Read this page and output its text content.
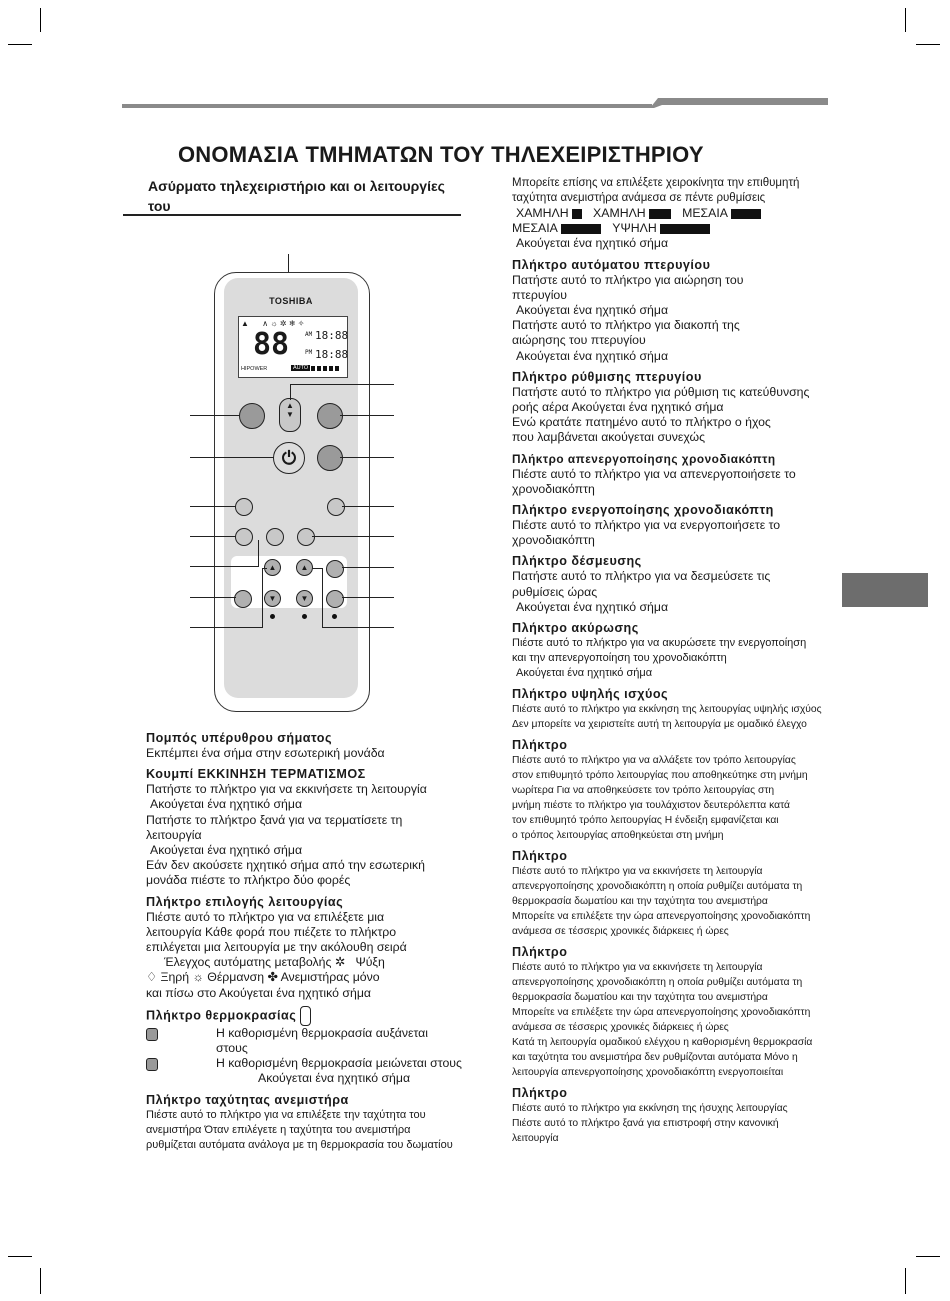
ΟΝΟΜΑΣΙΑ ΤΜΗΜΑΤΩΝ ΤΟΥ ΤΗΛΕΧΕΙΡΙΣΤΗΡΙΟΥ
Ασύρματο τηλεχειριστήριο και οι λειτουργίες του
TOSHIBA
▲      ∧ ☼ ✲ ❄ ✧
88	AM 18:88
PM 18:88
HIPOWER	AUTO
▲
▼
⏻
▲	▲
▼	▼
Πομπός υπέρυθρου σήματος

Εκπέμπει ένα σήμα στην εσωτερική μονάδα

Κουμπί ΕΚΚΙΝΗΣΗ ΤΕΡΜΑΤΙΣΜΟΣ

Πατήστε το πλήκτρο για να εκκινήσετε τη λειτουργία

Ακούγεται ένα ηχητικό σήμα

Πατήστε το πλήκτρο ξανά για να τερματίσετε τη

λειτουργία

Ακούγεται ένα ηχητικό σήμα

Εάν δεν ακούσετε ηχητικό σήμα από την εσωτερική

μονάδα πιέστε το πλήκτρο δύο φορές

Πλήκτρο επιλογής λειτουργίας

Πιέστε αυτό το πλήκτρο για να επιλέξετε μια

λειτουργία Κάθε φορά που πιέζετε το πλήκτρο

επιλέγεται μια λειτουργία με την ακόλουθη σειρά

Έλεγχος αυτόματης μεταβολής ✲ Ψύξη

♢ Ξηρή ☼ Θέρμανση ✤ Ανεμιστήρας μόνο

και πίσω στο Ακούγεται ένα ηχητικό σήμα

Πλήκτρο θερμοκρασίας

Η καθορισμένη θερμοκρασία αυξάνεται

στους

Η καθορισμένη θερμοκρασία μειώνεται στους

Ακούγεται ένα ηχητικό σήμα

Πλήκτρο ταχύτητας ανεμιστήρα

Πιέστε αυτό το πλήκτρο για να επιλέξετε την ταχύτητα του

ανεμιστήρα Όταν επιλέγετε η ταχύτητα του ανεμιστήρα

ρυθμίζεται αυτόματα ανάλογα με τη θερμοκρασία του δωματίου

Μπορείτε επίσης να επιλέξετε χειροκίνητα την επιθυμητή

ταχύτητα ανεμιστήρα ανάμεσα σε πέντε ρυθμίσεις

ΧΑΜΗΛΗ
ΧΑΜΗΛΗ
	ΜΕΣΑΙΑ

ΜΕΣΑΙΑ
	ΥΨΗΛΗ

Ακούγεται ένα ηχητικό σήμα

Πλήκτρο αυτόματου πτερυγίου

Πατήστε αυτό το πλήκτρο για αιώρηση του

πτερυγίου

Ακούγεται ένα ηχητικό σήμα

Πατήστε αυτό το πλήκτρο για διακοπή της

αιώρησης του πτερυγίου

Ακούγεται ένα ηχητικό σήμα

Πλήκτρο ρύθμισης πτερυγίου

Πατήστε αυτό το πλήκτρο για ρύθμιση τις κατεύθυνσης

ροής αέρα Ακούγεται ένα ηχητικό σήμα

Ενώ κρατάτε πατημένο αυτό το πλήκτρο ο ήχος

που λαμβάνεται ακούγεται συνεχώς

Πλήκτρο απενεργοποίησης χρονοδιακόπτη

Πιέστε αυτό το πλήκτρο για να απενεργοποιήσετε το

χρονοδιακόπτη

Πλήκτρο ενεργοποίησης χρονοδιακόπτη

Πιέστε αυτό το πλήκτρο για να ενεργοποιήσετε το

χρονοδιακόπτη

Πλήκτρο δέσμευσης

Πατήστε αυτό το πλήκτρο για να δεσμεύσετε τις

ρυθμίσεις ώρας

Ακούγεται ένα ηχητικό σήμα

Πλήκτρο ακύρωσης

Πιέστε αυτό το πλήκτρο για να ακυρώσετε την ενεργοποίηση

και την απενεργοποίηση του χρονοδιακόπτη

Ακούγεται ένα ηχητικό σήμα

Πλήκτρο υψηλής ισχύος

Πιέστε αυτό το πλήκτρο για εκκίνηση της λειτουργίας υψηλής ισχύος

Δεν μπορείτε να χειριστείτε αυτή τη λειτουργία με ομαδικό έλεγχο

Πλήκτρο

Πιέστε αυτό το πλήκτρο για να αλλάξετε τον τρόπο λειτουργίας

στον επιθυμητό τρόπο λειτουργίας που αποθηκεύτηκε στη μνήμη

νωρίτερα Για να αποθηκεύσετε τον τρόπο λειτουργίας στη

μνήμη πιέστε το πλήκτρο για τουλάχιστον δευτερόλεπτα κατά

τον επιθυμητό τρόπο λειτουργίας Η ένδειξη εμφανίζεται και

ο τρόπος λειτουργίας αποθηκεύεται στη μνήμη

Πλήκτρο

Πιέστε αυτό το πλήκτρο για να εκκινήσετε τη λειτουργία

απενεργοποίησης χρονοδιακόπτη η οποία ρυθμίζει αυτόματα τη

θερμοκρασία δωματίου και την ταχύτητα του ανεμιστήρα

Μπορείτε να επιλέξετε την ώρα απενεργοποίησης χρονοδιακόπτη

ανάμεσα σε τέσσερις χρονικές διάρκειες ή ώρες

Πλήκτρο

Πιέστε αυτό το πλήκτρο για να εκκινήσετε τη λειτουργία

απενεργοποίησης χρονοδιακόπτη η οποία ρυθμίζει αυτόματα τη

θερμοκρασία δωματίου και την ταχύτητα του ανεμιστήρα

Μπορείτε να επιλέξετε την ώρα απενεργοποίησης χρονοδιακόπτη

ανάμεσα σε τέσσερις χρονικές διάρκειες ή ώρες

Κατά τη λειτουργία ομαδικού ελέγχου η καθορισμένη θερμοκρασία

και ταχύτητα του ανεμιστήρα δεν ρυθμίζονται αυτόματα Μόνο η

λειτουργία απενεργοποίησης χρονοδιακόπτη ενεργοποιείται

Πλήκτρο

Πιέστε αυτό το πλήκτρο για εκκίνηση της ήσυχης λειτουργίας

Πιέστε αυτό το πλήκτρο ξανά για επιστροφή στην κανονική

λειτουργία
